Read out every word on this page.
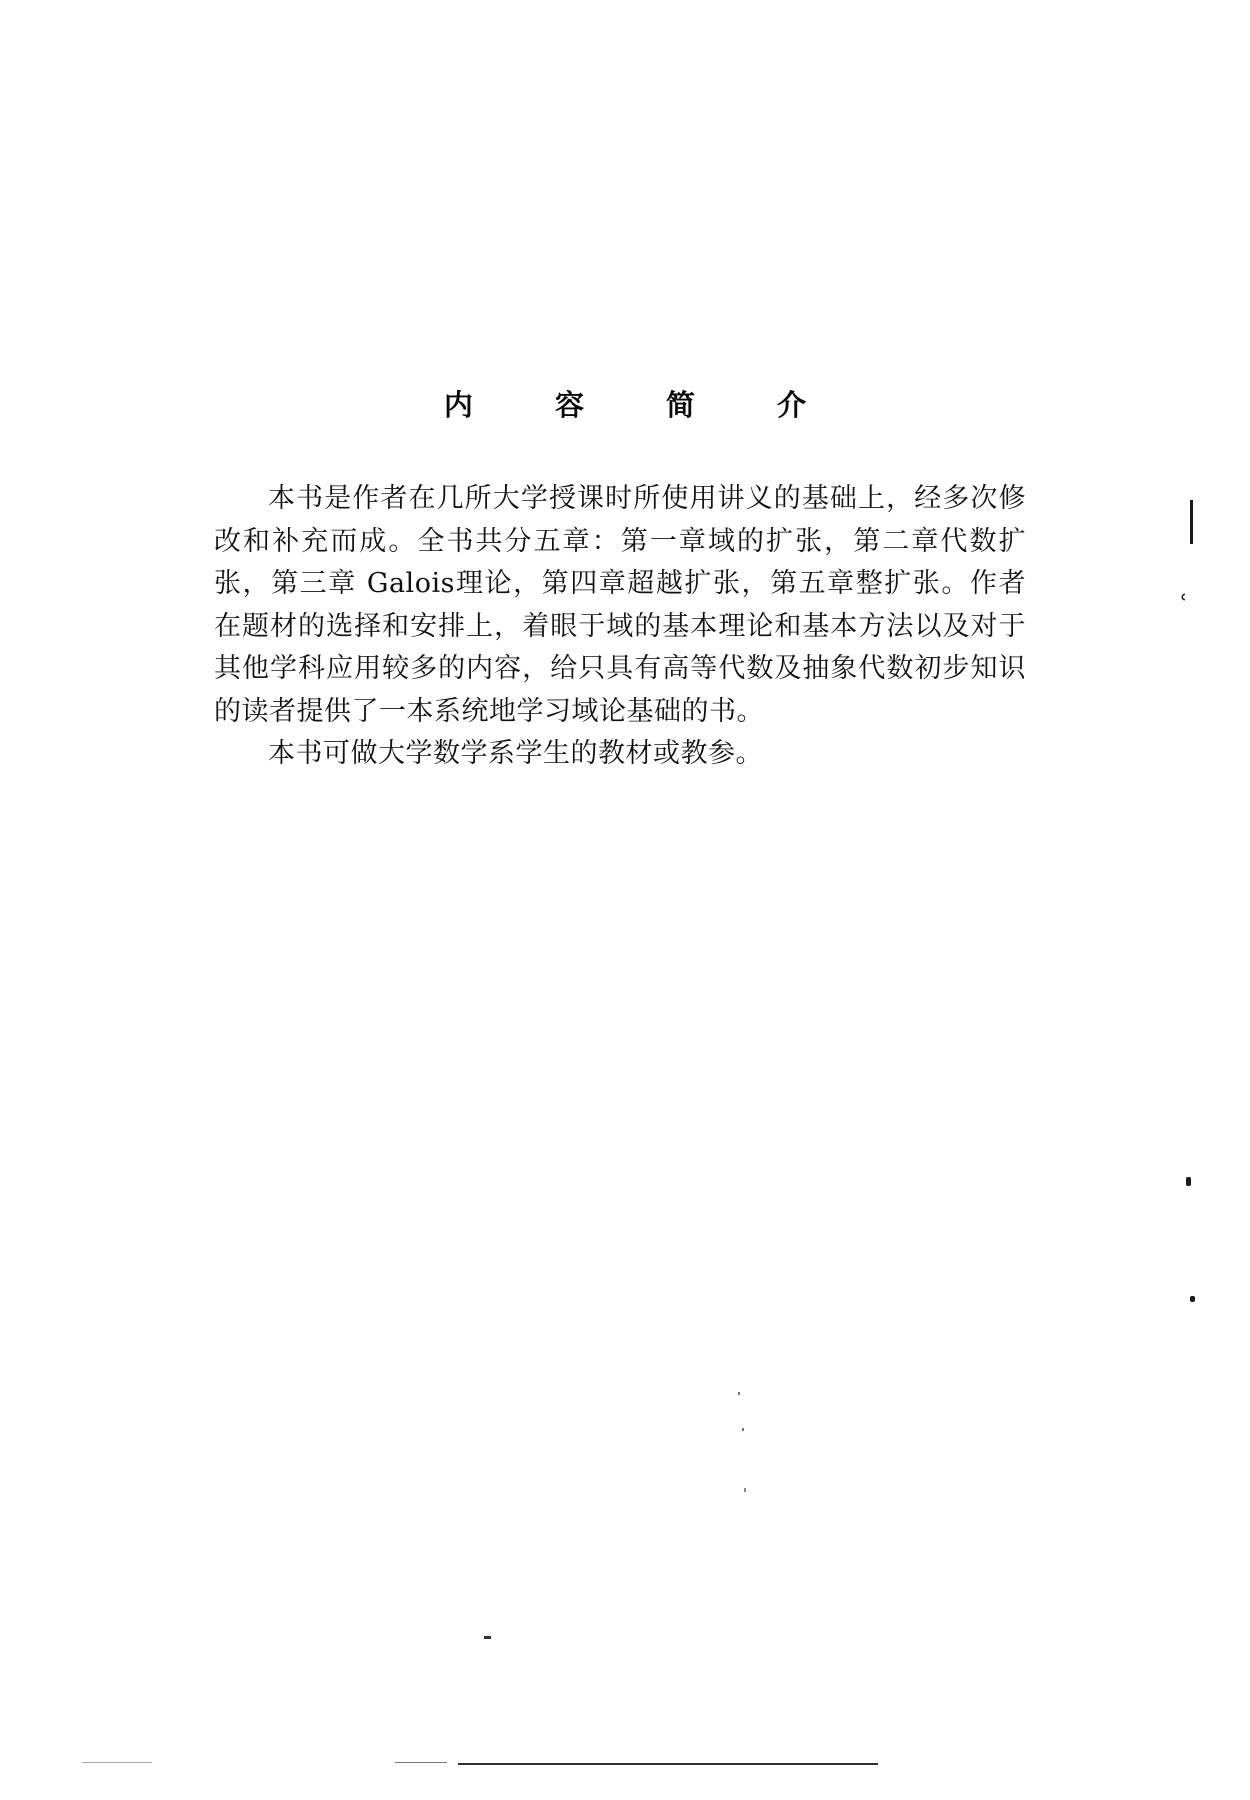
内 容 简 介

本书是作者在几所大学授课时所使用讲义的基础上，经多次修改和补充而成。全书共分五章：第一章域的扩张，第二章代数扩张，第三章 Galois理论，第四章超越扩张，第五章整扩张。作者在题材的选择和安排上，着眼于域的基本理论和基本方法以及对于其他学科应用较多的内容，给只具有高等代数及抽象代数初步知识的读者提供了一本系统地学习域论基础的书。

本书可做大学数学系学生的教材或教参。

ʿ
